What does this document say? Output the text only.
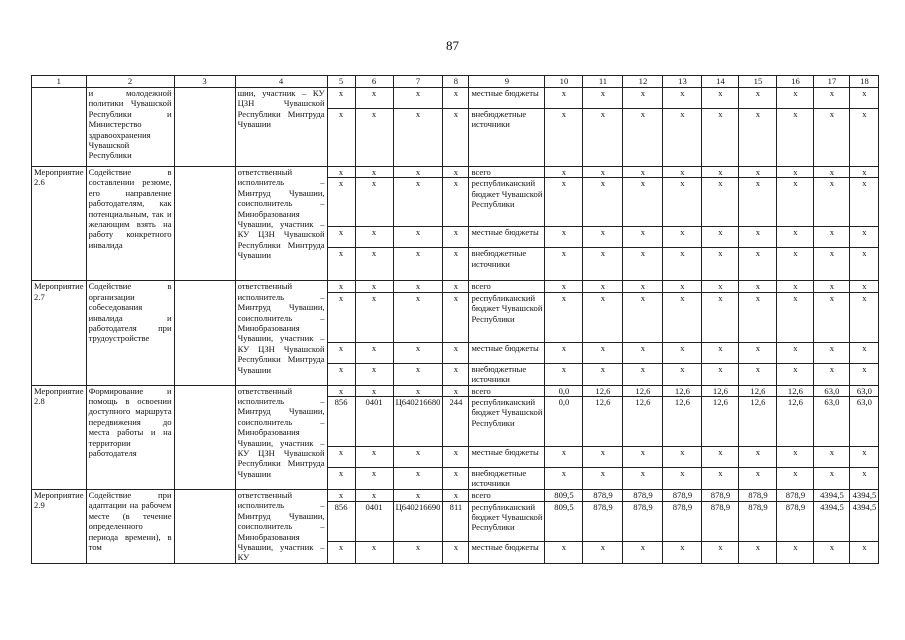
87
1	2	3	4	5	6	7	8	9	10	11	12	13	14	15	16	17	18
	и молодежной политики Чувашской Республики и Министерство здравоохранения Чувашской Республики		шии, участник – КУ ЦЗН Чувашской Республики Минтруда Чувашии	х	х	х	х	местные бюджеты	х	х	х	х	х	х	х	х	х
				х	х	х	х	внебюджетные источники	х	х	х	х	х	х	х	х	х
Мероприятие 2.6	Содействие в составлении резюме, его направление работодателям, как потенциальным, так и желающим взять на работу конкретного инвалида		ответственный исполнитель – Минтруд Чувашии, соисполнитель – Минобразования Чувашии, участник – КУ ЦЗН Чувашской Республики Минтруда Чувашии	х	х	х	х	всего	х	х	х	х	х	х	х	х	х
				х	х	х	х	республиканский бюджет Чувашской Республики	х	х	х	х	х	х	х	х	х
				х	х	х	х	местные бюджеты	х	х	х	х	х	х	х	х	х
				х	х	х	х	внебюджетные источники	х	х	х	х	х	х	х	х	х
Мероприятие 2.7	Содействие в организации собеседования инвалида и работодателя при трудоустройстве		ответственный исполнитель – Минтруд Чувашии, соисполнитель – Минобразования Чувашии, участник – КУ ЦЗН Чувашской Республики Минтруда Чувашии	х	х	х	х	всего	х	х	х	х	х	х	х	х	х
				х	х	х	х	республиканский бюджет Чувашской Республики	х	х	х	х	х	х	х	х	х
				х	х	х	х	местные бюджеты	х	х	х	х	х	х	х	х	х
				х	х	х	х	внебюджетные источники	х	х	х	х	х	х	х	х	х
Мероприятие 2.8	Формирование и помощь в освоении доступного маршрута передвижения до места работы и на территории работодателя		ответственный исполнитель – Минтруд Чувашии, соисполнитель – Минобразования Чувашии, участник – КУ ЦЗН Чувашской Республики Минтруда Чувашии	х	х	х	х	всего	0,0	12,6	12,6	12,6	12,6	12,6	12,6	63,0	63,0
				856	0401	Ц640216680	244	республиканский бюджет Чувашской Республики	0,0	12,6	12,6	12,6	12,6	12,6	12,6	63,0	63,0
				х	х	х	х	местные бюджеты	х	х	х	х	х	х	х	х	х
				х	х	х	х	внебюджетные источники	х	х	х	х	х	х	х	х	х
Мероприятие 2.9	Содействие при адаптации на рабочем месте (в течение определенного периода времени), в том		ответственный исполнитель – Минтруд Чувашии, соисполнитель – Минобразования Чувашии, участник – КУ	х	х	х	х	всего	809,5	878,9	878,9	878,9	878,9	878,9	878,9	4394,5	4394,5
				856	0401	Ц640216690	811	республиканский бюджет Чувашской Республики	809,5	878,9	878,9	878,9	878,9	878,9	878,9	4394,5	4394,5
				х	х	х	х	местные бюджеты	х	х	х	х	х	х	х	х	х
